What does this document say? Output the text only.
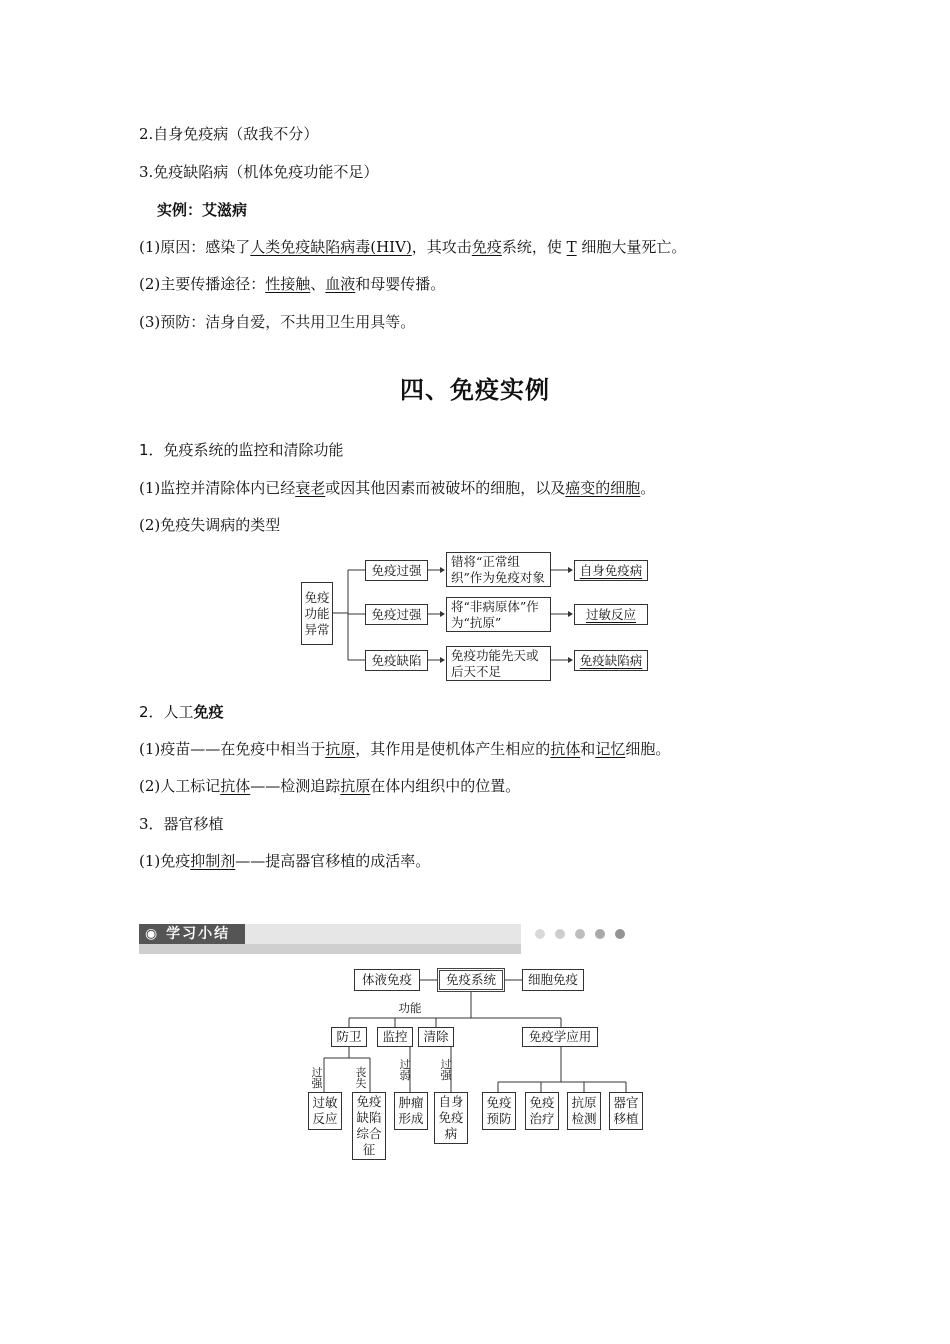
2.自身免疫病（敌我不分）
3.免疫缺陷病（机体免疫功能不足）
实例：艾滋病
(1)原因：感染了人类免疫缺陷病毒(HIV)，其攻击免疫系统，使 T 细胞大量死亡。
(2)主要传播途径：性接触、血液和母婴传播。
(3)预防：洁身自爱，不共用卫生用具等。
四、免疫实例
1．免疫系统的监控和清除功能
(1)监控并清除体内已经衰老或因其他因素而被破坏的细胞，以及癌变的细胞。
(2)免疫失调病的类型
免疫功能异常
免疫过强
免疫过强
免疫缺陷
错将“正常组织”作为免疫对象
将“非病原体”作为“抗原”
免疫功能先天或后天不足
自身免疫病
过敏反应
免疫缺陷病
2．人工免疫
(1)疫苗——在免疫中相当于抗原，其作用是使机体产生相应的抗体和记忆细胞。
(2)人工标记抗体——检测追踪抗原在体内组织中的位置。
3．器官移植
(1)免疫抑制剂——提高器官移植的成活率。
◉ 学习小结
体液免疫	免疫系统	细胞免疫
功能
防卫 监控 清除	免疫学应用
过强
丧失
过弱
过强
过敏反应
免疫缺陷综合征
肿瘤形成
自身免疫病
免疫预防
免疫治疗
抗原检测
器官移植
